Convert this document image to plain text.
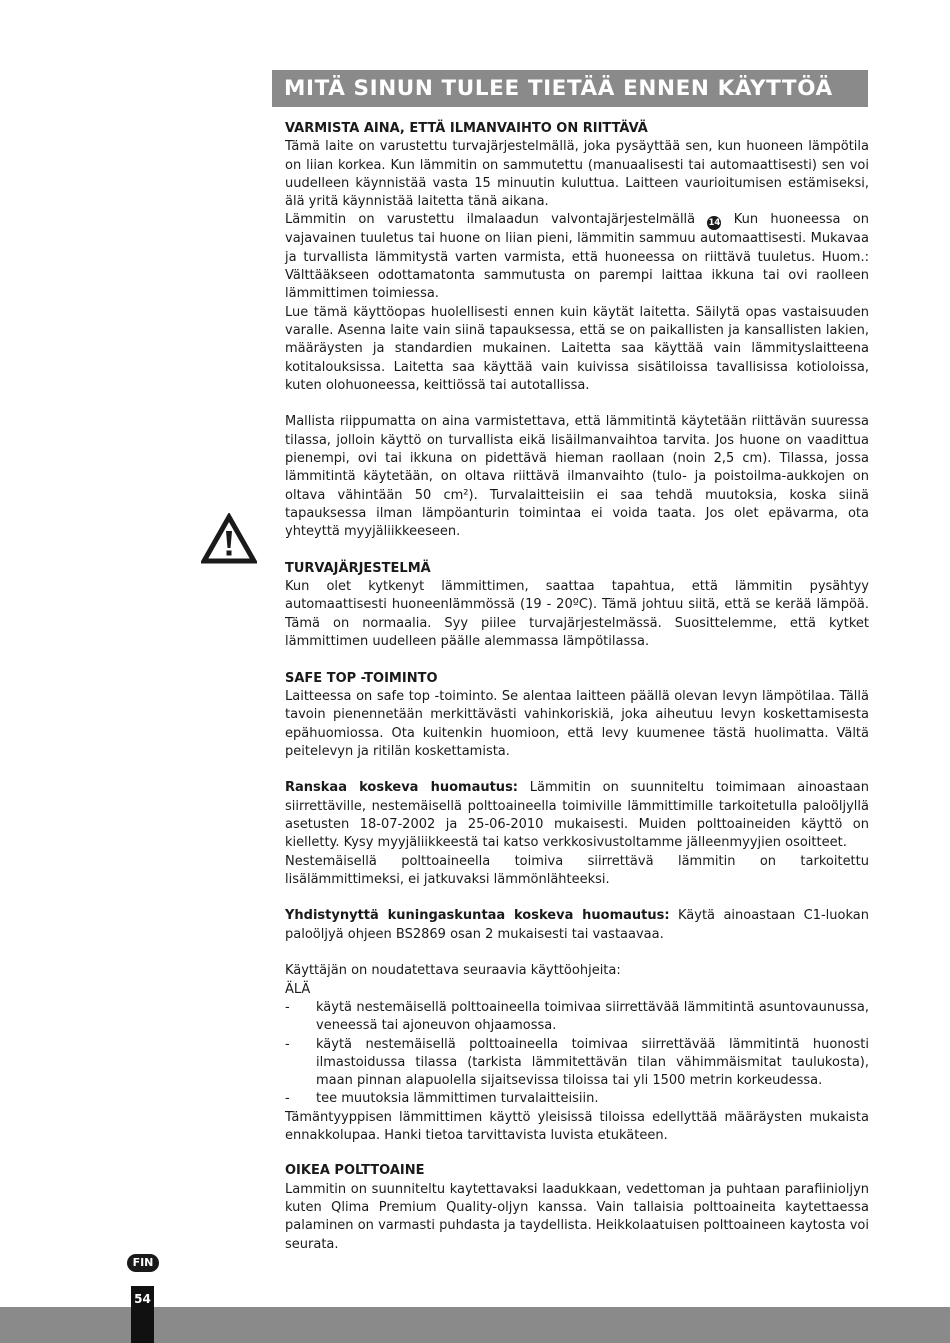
MITÄ SINUN TULEE TIETÄÄ ENNEN KÄYTTÖÄ
VARMISTA AINA, ETTÄ ILMANVAIHTO ON RIITTÄVÄ

Tämä laite on varustettu turvajärjestelmällä, joka pysäyttää sen, kun huoneen lämpötila on liian korkea. Kun lämmitin on sammutettu (manuaalisesti tai automaattisesti) sen voi uudelleen käynnistää vasta 15 minuutin kuluttua. Laitteen vaurioitumisen estämiseksi, älä yritä käynnistää laitetta tänä aikana.

Lämmitin on varustettu ilmalaadun valvontajärjestelmällä 14 Kun huoneessa on vajavainen tuuletus tai huone on liian pieni, lämmitin sammuu automaattisesti. Mukavaa ja turvallista lämmitystä varten varmista, että huoneessa on riittävä tuuletus. Huom.: Välttääkseen odottamatonta sammutusta on parempi laittaa ikkuna tai ovi raolleen lämmittimen toimiessa.

Lue tämä käyttöopas huolellisesti ennen kuin käytät laitetta. Säilytä opas vastaisuuden varalle. Asenna laite vain siinä tapauksessa, että se on paikallisten ja kansallisten lakien, määräysten ja standardien mukainen. Laitetta saa käyttää vain lämmityslaitteena kotitalouksissa. Laitetta saa käyttää vain kuivissa sisätiloissa tavallisissa kotioloissa, kuten olohuoneessa, keittiössä tai autotallissa.

Mallista riippumatta on aina varmistettava, että lämmitintä käytetään riittävän suuressa tilassa, jolloin käyttö on turvallista eikä lisäilmanvaihtoa tarvita. Jos huone on vaadittua pienempi, ovi tai ikkuna on pidettävä hieman raollaan (noin 2,5 cm). Tilassa, jossa lämmitintä käytetään, on oltava riittävä ilmanvaihto (tulo- ja poistoilma-aukkojen on oltava vähintään 50 cm²). Turvalaitteisiin ei saa tehdä muutoksia, koska siinä tapauksessa ilman lämpöanturin toimintaa ei voida taata. Jos olet epävarma, ota yhteyttä myyjäliikkeeseen.

TURVAJÄRJESTELMÄ

Kun olet kytkenyt lämmittimen, saattaa tapahtua, että lämmitin pysähtyy automaattisesti huoneenlämmössä (19 - 20ºC). Tämä johtuu siitä, että se kerää lämpöä. Tämä on normaalia. Syy piilee turvajärjestelmässä. Suosittelemme, että kytket lämmittimen uudelleen päälle alemmassa lämpötilassa.

SAFE TOP -TOIMINTO

Laitteessa on safe top -toiminto. Se alentaa laitteen päällä olevan levyn lämpötilaa. Tällä tavoin pienennetään merkittävästi vahinkoriskiä, joka aiheutuu levyn koskettamisesta epähuomiossa. Ota kuitenkin huomioon, että levy kuumenee tästä huolimatta. Vältä peitelevyn ja ritilän koskettamista.

Ranskaa koskeva huomautus: Lämmitin on suunniteltu toimimaan ainoastaan siirrettäville, nestemäisellä polttoaineella toimiville lämmittimille tarkoitetulla paloöljyllä asetusten 18-07-2002 ja 25-06-2010 mukaisesti. Muiden polttoaineiden käyttö on kielletty. Kysy myyjäliikkeestä tai katso verkkosivustoltamme jälleenmyyjien osoitteet.

Nestemäisellä polttoaineella toimiva siirrettävä lämmitin on tarkoitettu lisälämmittimeksi, ei jatkuvaksi lämmönlähteeksi.

Yhdistynyttä kuningaskuntaa koskeva huomautus: Käytä ainoastaan C1-luokan paloöljyä ohjeen BS2869 osan 2 mukaisesti tai vastaavaa.

Käyttäjän on noudatettava seuraavia käyttöohjeita:

ÄLÄ

- käytä nestemäisellä polttoaineella toimivaa siirrettävää lämmitintä asuntovaunussa, veneessä tai ajoneuvon ohjaamossa.
- käytä nestemäisellä polttoaineella toimivaa siirrettävää lämmitintä huonosti ilmastoidussa tilassa (tarkista lämmitettävän tilan vähimmäismitat taulukosta), maan pinnan alapuolella sijaitsevissa tiloissa tai yli 1500 metrin korkeudessa.
- tee muutoksia lämmittimen turvalaitteisiin.

Tämäntyyppisen lämmittimen käyttö yleisissä tiloissa edellyttää määräysten mukaista ennakkolupaa. Hanki tietoa tarvittavista luvista etukäteen.

OIKEA POLTTOAINE

Lammitin on suunniteltu kaytettavaksi laadukkaan, vedettoman ja puhtaan parafiinioljyn kuten Qlima Premium Quality-oljyn kanssa. Vain tallaisia polttoaineita kaytettaessa palaminen on varmasti puhdasta ja taydellista. Heikkolaatuisen polttoaineen kaytosta voi seurata.

54
FIN
